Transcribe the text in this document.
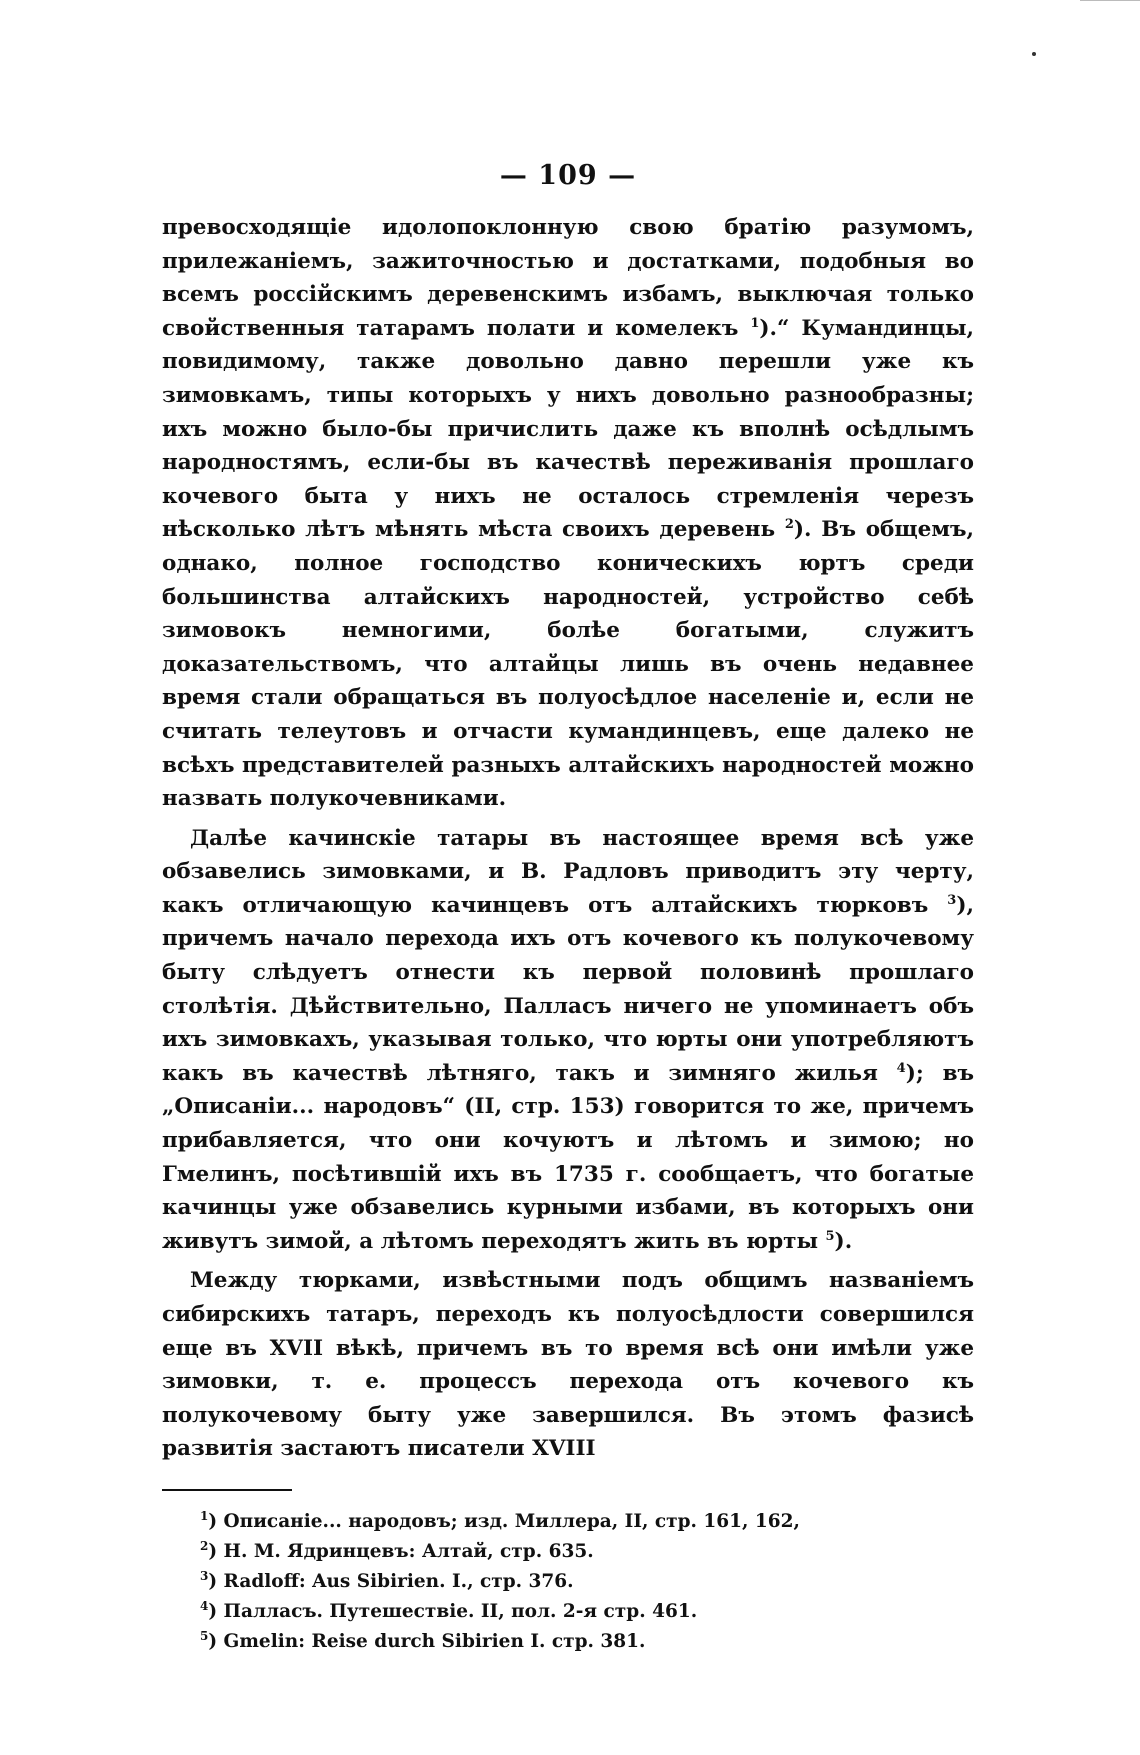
— 109 —

превосходящіе идолопоклонную свою братію разумомъ, прилежаніемъ, зажиточностью и достатками, подобныя во всемъ россійскимъ деревенскимъ избамъ, выключая только свойственныя татарамъ полати и комелекъ $^1$).“ Кумандинцы, повидимому, также довольно давно перешли уже къ зимовкамъ, типы которыхъ у нихъ довольно разнообразны; ихъ можно было-бы причислить даже къ вполнѣ осѣдлымъ народностямъ, если-бы въ качествѣ переживанія прошлаго кочевого быта у нихъ не осталось стремленія черезъ нѣсколько лѣтъ мѣнять мѣста своихъ деревень $^2$). Въ общемъ, однако, полное господство коническихъ юртъ среди большинства алтайскихъ народностей, устройство себѣ зимовокъ немногими, болѣе богатыми, служитъ доказательствомъ, что алтайцы лишь въ очень недавнее время стали обращаться въ полуосѣдлое населеніе и, если не считать телеутовъ и отчасти кумандинцевъ, еще далеко не всѣхъ представителей разныхъ алтайскихъ народностей можно назвать полукочевниками.

Далѣе качинскіе татары въ настоящее время всѣ уже обзавелись зимовками, и В. Радловъ приводитъ эту черту, какъ отличающую качинцевъ отъ алтайскихъ тюрковъ $^3$), причемъ начало перехода ихъ отъ кочевого къ полукочевому быту слѣдуетъ отнести къ первой половинѣ прошлаго столѣтія. Дѣйствительно, Палласъ ничего не упоминаетъ объ ихъ зимовкахъ, указывая только, что юрты они употребляютъ какъ въ качествѣ лѣтняго, такъ и зимняго жилья $^4$); въ „Описаніи... народовъ“ (II, стр. 153) говорится то же, причемъ прибавляется, что они кочуютъ и лѣтомъ и зимою; но Гмелинъ, посѣтившій ихъ въ 1735 г. сообщаетъ, что богатые качинцы уже обзавелись курными избами, въ которыхъ они живутъ зимой, а лѣтомъ переходятъ жить въ юрты $^5$).

Между тюрками, извѣстными подъ общимъ названіемъ сибирскихъ татаръ, переходъ къ полуосѣдлости совершился еще въ XVII вѣкѣ, причемъ въ то время всѣ они имѣли уже зимовки, т. е. процессъ перехода отъ кочевого къ полукочевому быту уже завершился. Въ этомъ фазисѣ развитія застаютъ писатели XVIII

$^1$) Описаніе... народовъ; изд. Миллера, II, стр. 161, 162,
$^2$) Н. М. Ядринцевъ: Алтай, стр. 635.
$^3$) Radloff: Aus Sibirien. I., стр. 376.
$^4$) Палласъ. Путешествіе. II, пол. 2-я стр. 461.
$^5$) Gmelin: Reise durch Sibirien I. стр. 381.
